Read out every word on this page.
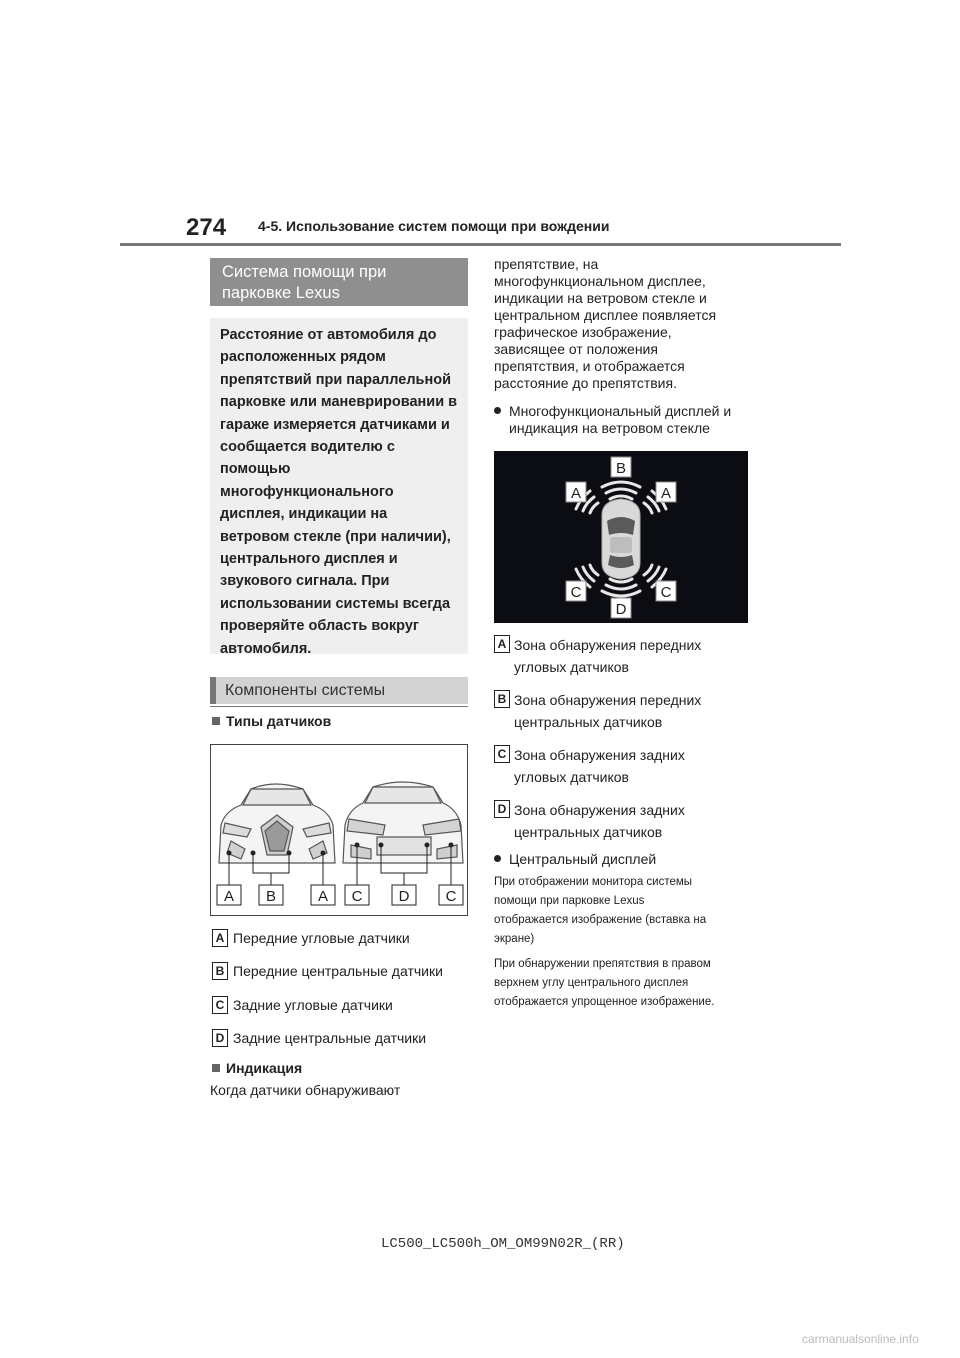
274 4-5. Использование систем помощи при вождении
Система помощи при
парковке Lexus
Расстояние от автомобиля до
расположенных рядом
препятствий при параллельной
парковке или маневрировании в
гараже измеряется датчиками и
сообщается водителю с
помощью
многофункционального
дисплея, индикации на
ветровом стекле (при наличии),
центрального дисплея и
звукового сигнала. При
использовании системы всегда
проверяйте область вокруг
автомобиля.
Компоненты системы
Типы датчиков
A B	A C D C
A Передние угловые датчики
B Передние центральные датчики
C Задние угловые датчики
D Задние центральные датчики
Индикация
Когда датчики обнаруживают
препятствие, на
многофункциональном дисплее,
индикации на ветровом стекле и
центральном дисплее появляется
графическое изображение,
зависящее от положения
препятствия, и отображается
расстояние до препятствия.
Многофункциональный дисплей и
индикация на ветровом стекле
B
A	A
C	C
D
A Зона обнаружения передних
угловых датчиков
B Зона обнаружения передних
центральных датчиков
C Зона обнаружения задних
угловых датчиков
D Зона обнаружения задних
центральных датчиков
Центральный дисплей
При отображении монитора системы
помощи при парковке Lexus
отображается изображение (вставка на
экране)
При обнаружении препятствия в правом
верхнем углу центрального дисплея
отображается упрощенное изображение.
LC500_LC500h_OM_OM99N02R_(RR)
carmanualsonline.info
